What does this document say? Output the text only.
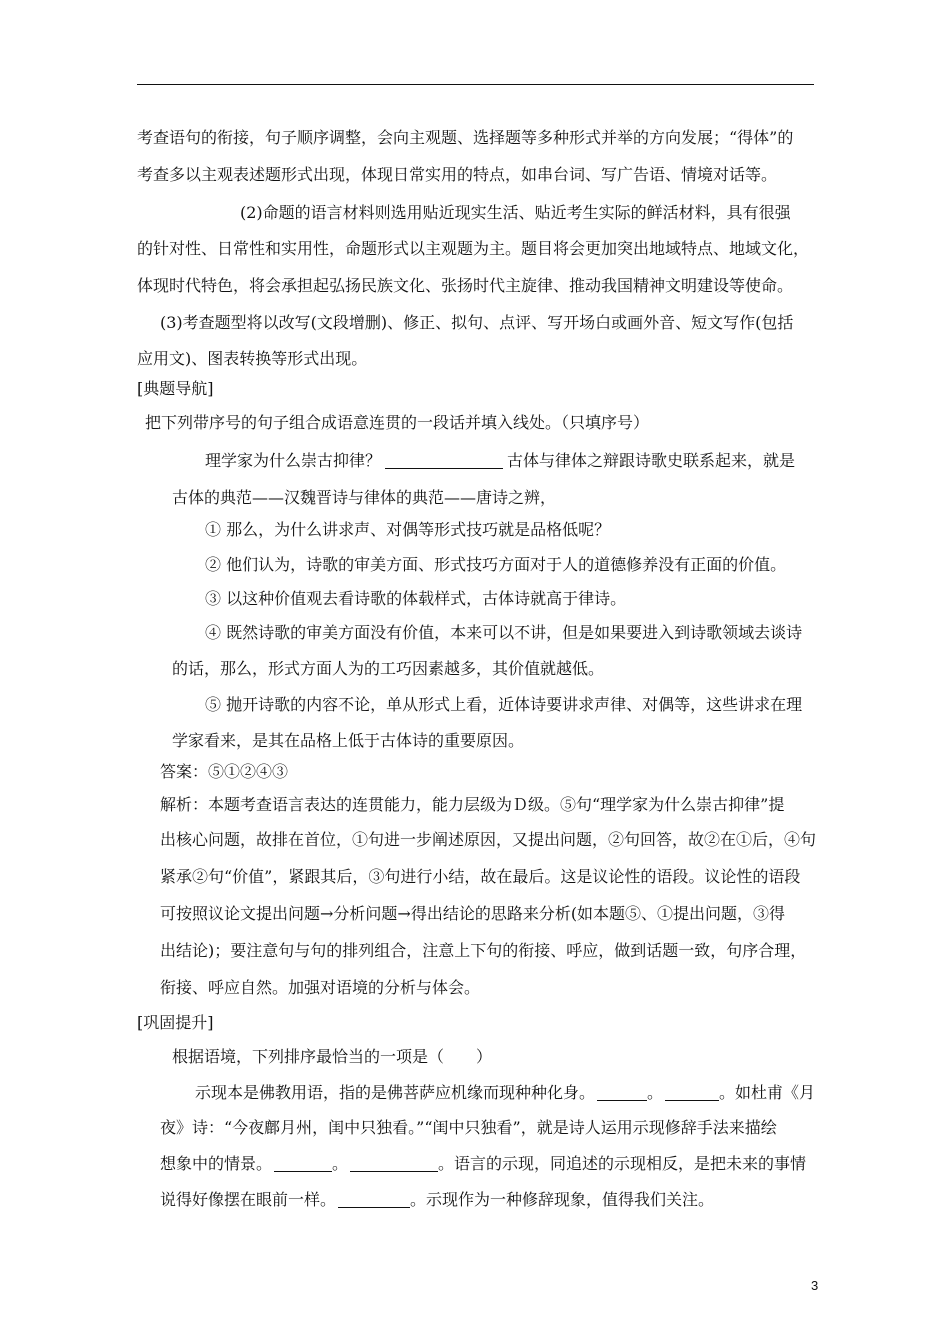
考查语句的衔接，句子顺序调整，会向主观题、选择题等多种形式并举的方向发展；“得体”的
考查多以主观表述题形式出现，体现日常实用的特点，如串台词、写广告语、情境对话等。
(2)命题的语言材料则选用贴近现实生活、贴近考生实际的鲜活材料，具有很强
的针对性、日常性和实用性，命题形式以主观题为主。题目将会更加突出地域特点、地域文化，
体现时代特色，将会承担起弘扬民族文化、张扬时代主旋律、推动我国精神文明建设等使命。
(3)考查题型将以改写(文段增删)、修正、拟句、点评、写开场白或画外音、短文写作(包括
应用文)、图表转换等形式出现。
[典题导航]
把下列带序号的句子组合成语意连贯的一段话并填入线处。（只填序号）
理学家为什么崇古抑律？	古体与律体之辩跟诗歌史联系起来，就是
古体的典范——汉魏晋诗与律体的典范——唐诗之辨，
① 那么，为什么讲求声、对偶等形式技巧就是品格低呢？
② 他们认为，诗歌的审美方面、形式技巧方面对于人的道德修养没有正面的价值。
③ 以这种价值观去看诗歌的体载样式，古体诗就高于律诗。
④ 既然诗歌的审美方面没有价值，本来可以不讲，但是如果要进入到诗歌领域去谈诗
的话，那么，形式方面人为的工巧因素越多，其价值就越低。
⑤ 抛开诗歌的内容不论，单从形式上看，近体诗要讲求声律、对偶等，这些讲求在理
学家看来，是其在品格上低于古体诗的重要原因。
答案：⑤①②④③
解析：本题考查语言表达的连贯能力，能力层级为Ｄ级。⑤句“理学家为什么崇古抑律”提
出核心问题，故排在首位，①句进一步阐述原因，又提出问题，②句回答，故②在①后，④句
紧承②句“价值”，紧跟其后，③句进行小结，故在最后。这是议论性的语段。议论性的语段
可按照议论文提出问题→分析问题→得出结论的思路来分析(如本题⑤、①提出问题，③得
出结论)；要注意句与句的排列组合，注意上下句的衔接、呼应，做到话题一致，句序合理，
衔接、呼应自然。加强对语境的分析与体会。
[巩固提升]
根据语境，下列排序最恰当的一项是（　　）
示现本是佛教用语，指的是佛菩萨应机缘而现种种化身。	。	。如杜甫《月
夜》诗：“今夜鄜月州，闺中只独看。”“闺中只独看”，就是诗人运用示现修辞手法来描绘
想象中的情景。	。	。语言的示现，同追述的示现相反，是把未来的事情
说得好像摆在眼前一样。	。示现作为一种修辞现象，值得我们关注。
3
